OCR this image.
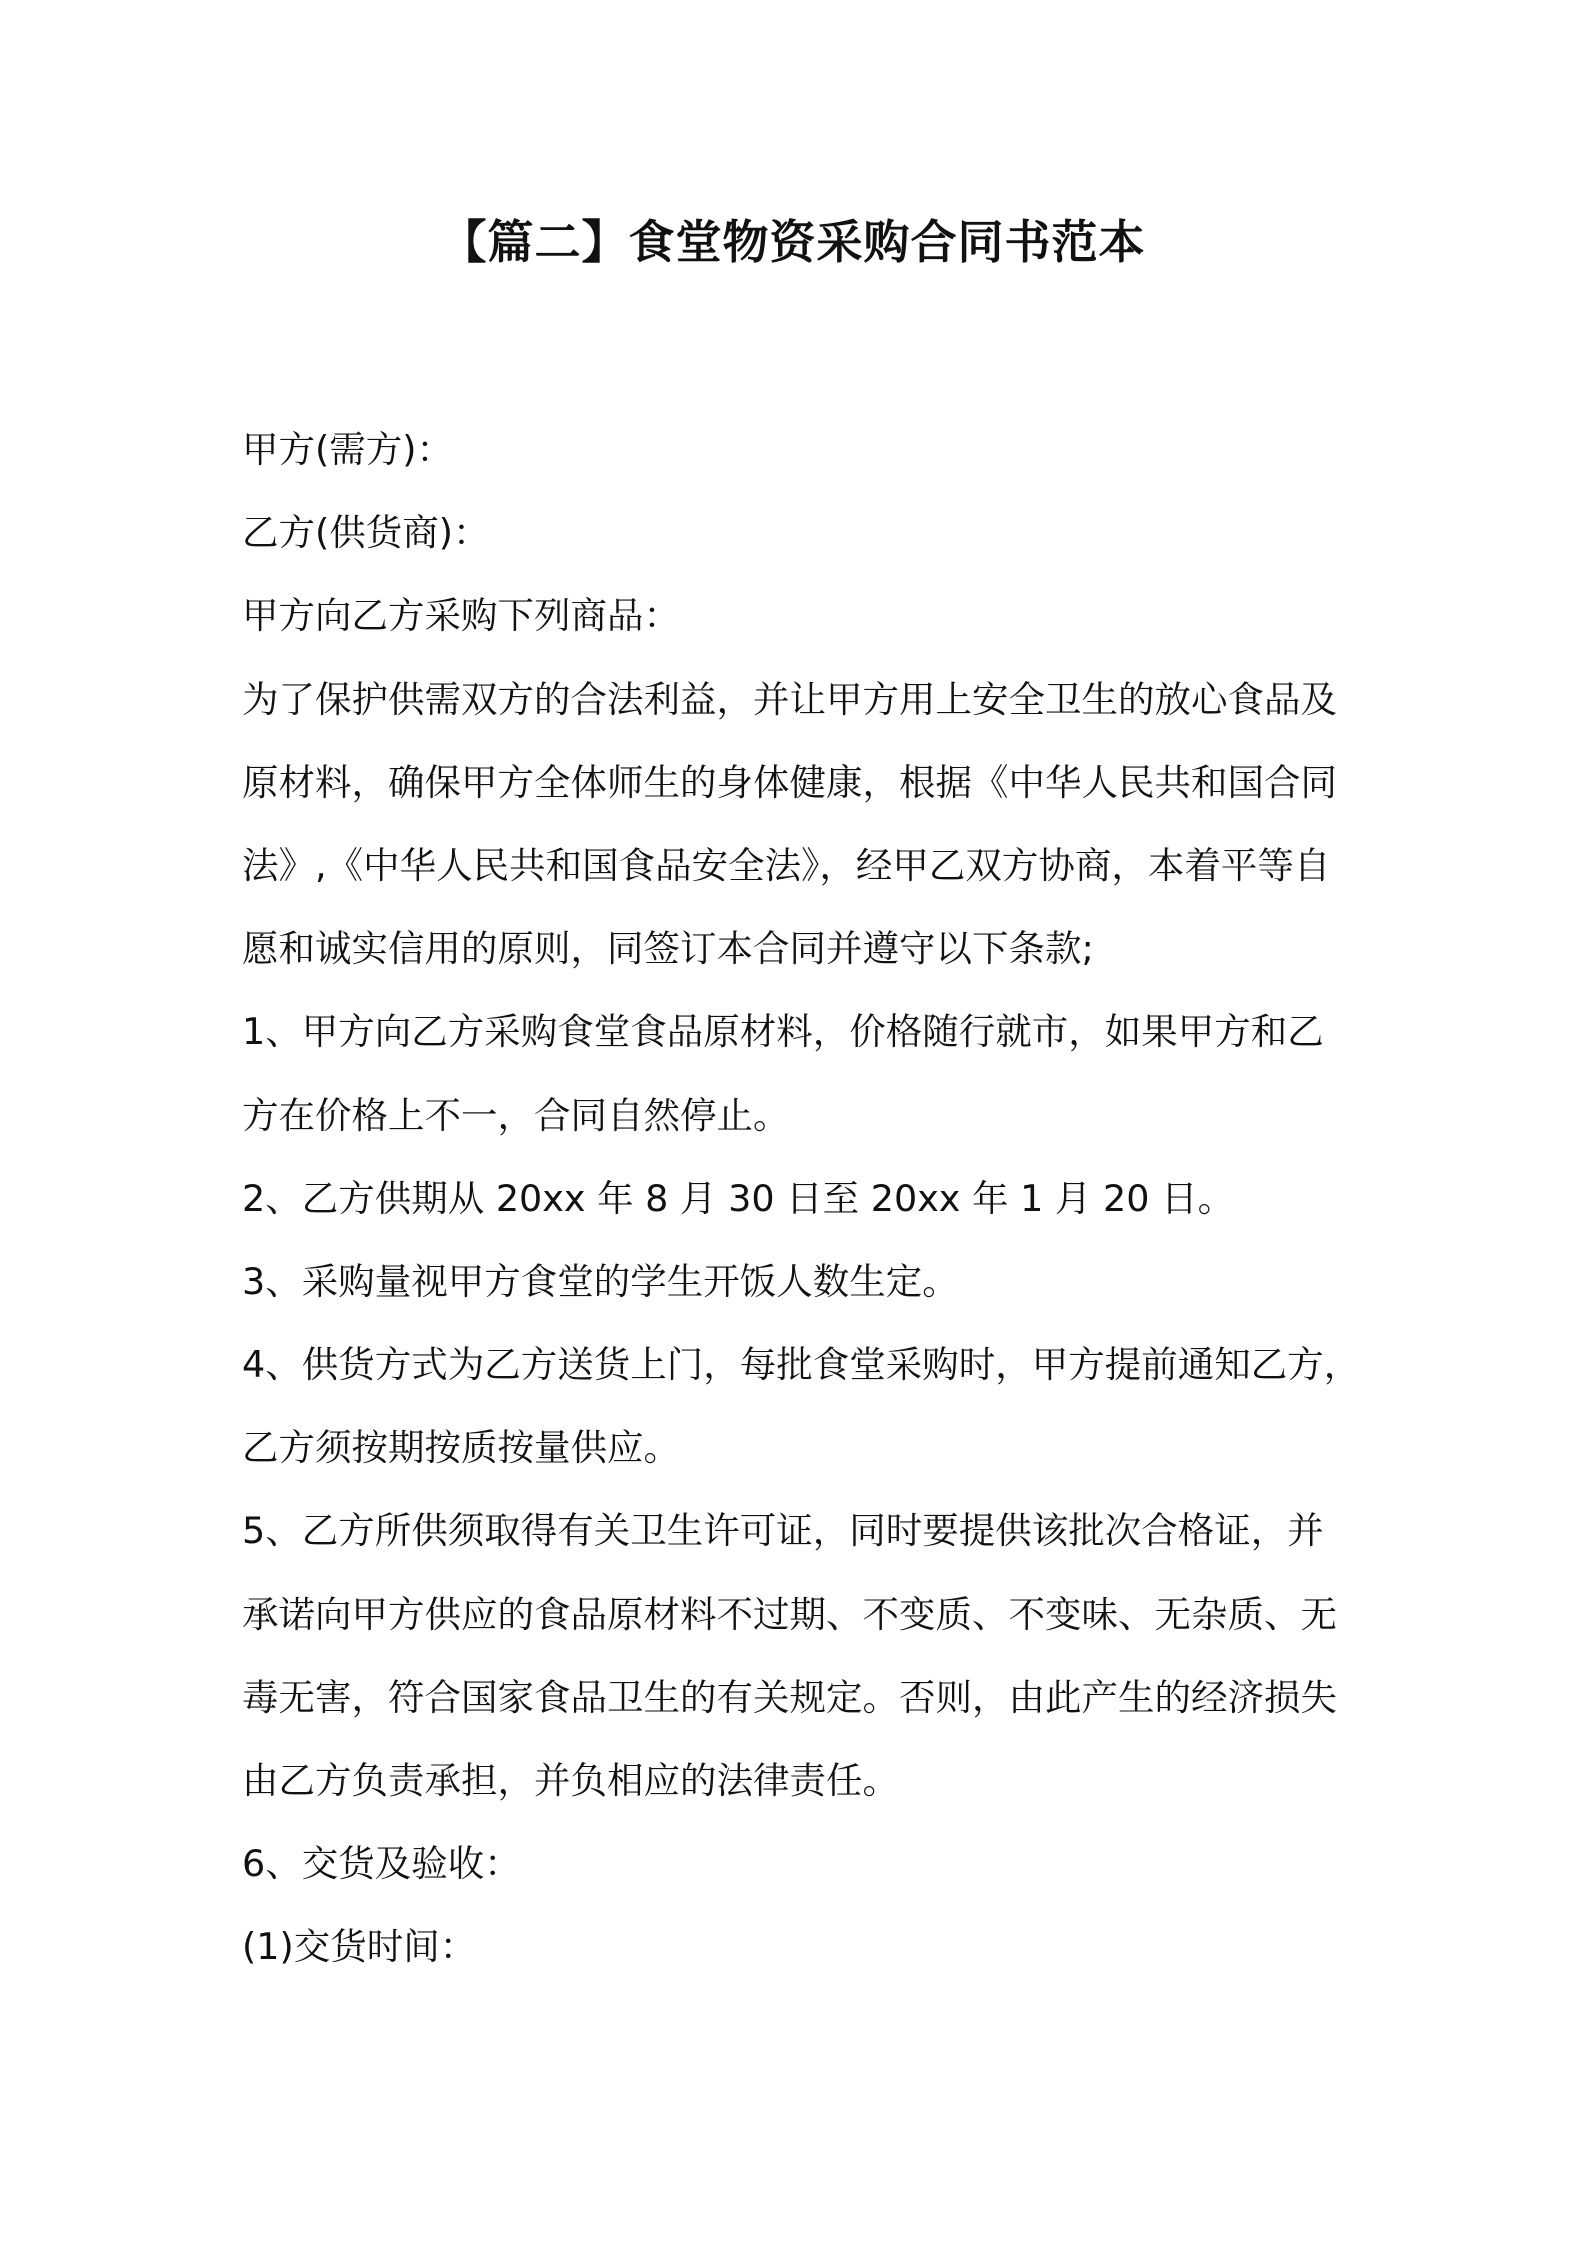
【篇二】食堂物资采购合同书范本
甲方(需方)：
乙方(供货商)：
甲方向乙方采购下列商品：
为了保护供需双方的合法利益，并让甲方用上安全卫生的放心食品及
原材料，确保甲方全体师生的身体健康，根据《中华人民共和国合同
法》,《中华人民共和国食品安全法》，经甲乙双方协商，本着平等自
愿和诚实信用的原则，同签订本合同并遵守以下条款;
1、甲方向乙方采购食堂食品原材料，价格随行就市，如果甲方和乙
方在价格上不一，合同自然停止。
2、乙方供期从 20xx 年 8 月 30 日至 20xx 年 1 月 20 日。
3、采购量视甲方食堂的学生开饭人数生定。
4、供货方式为乙方送货上门，每批食堂采购时，甲方提前通知乙方，
乙方须按期按质按量供应。
5、乙方所供须取得有关卫生许可证，同时要提供该批次合格证，并
承诺向甲方供应的食品原材料不过期、不变质、不变味、无杂质、无
毒无害，符合国家食品卫生的有关规定。否则，由此产生的经济损失
由乙方负责承担，并负相应的法律责任。
6、交货及验收：
(1)交货时间：
